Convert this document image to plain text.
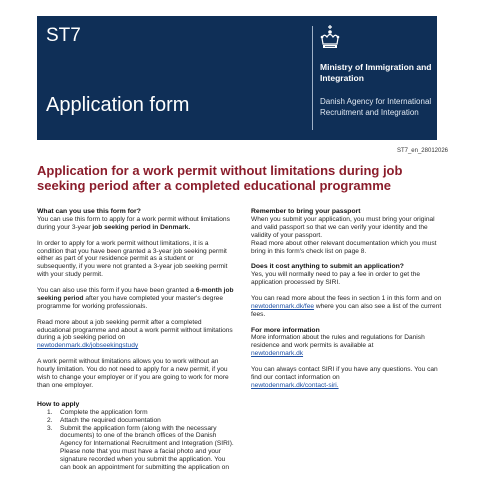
ST7
Application form
Ministry of Immigration and Integration
Danish Agency for International Recruitment and Integration
ST7_en_28012026
Application for a work permit without limitations during job seeking period after a completed educational programme
What can you use this form for?

You can use this form to apply for a work permit without limitations during your 3-year job seeking period in Denmark.

In order to apply for a work permit without limitations, it is a condition that you have been granted a 3-year job seeking permit either as part of your residence permit as a student or subsequently, if you were not granted a 3-year job seeking permit with your study permit.

You can also use this form if you have been granted a 6-month job seeking period after you have completed your master's degree programme for working professionals.

Read more about a job seeking permit after a completed educational programme and about a work permit without limitations during a job seeking period on
newtodenmark.dk/jobseekingstudy

A work permit without limitations allows you to work without an hourly limitation. You do not need to apply for a new permit, if you wish to change your employer or if you are going to work for more than one employer.

How to apply
1. Complete the application form
2. Attach the required documentation
3. Submit the application form (along with the necessary documents) to one of the branch offices of the Danish Agency for International Recruitment and Integration (SIRI). Please note that you must have a facial photo and your signature recorded when you submit the application. You can book an appointment for submitting the application on
Remember to bring your passport

When you submit your application, you must bring your original and valid passport so that we can verify your identity and the validity of your passport.

Read more about other relevant documentation which you must bring in this form's check list on page 8.

Does it cost anything to submit an application?

Yes, you will normally need to pay a fee in order to get the application processed by SIRI.

You can read more about the fees in section 1 in this form and on newtodenmark.dk/fee where you can also see a list of the current fees.

For more information

More information about the rules and regulations for Danish residence and work permits is available at
newtodenmark.dk

You can always contact SIRI if you have any questions. You can find our contact information on
newtodenmark.dk/contact-siri.
